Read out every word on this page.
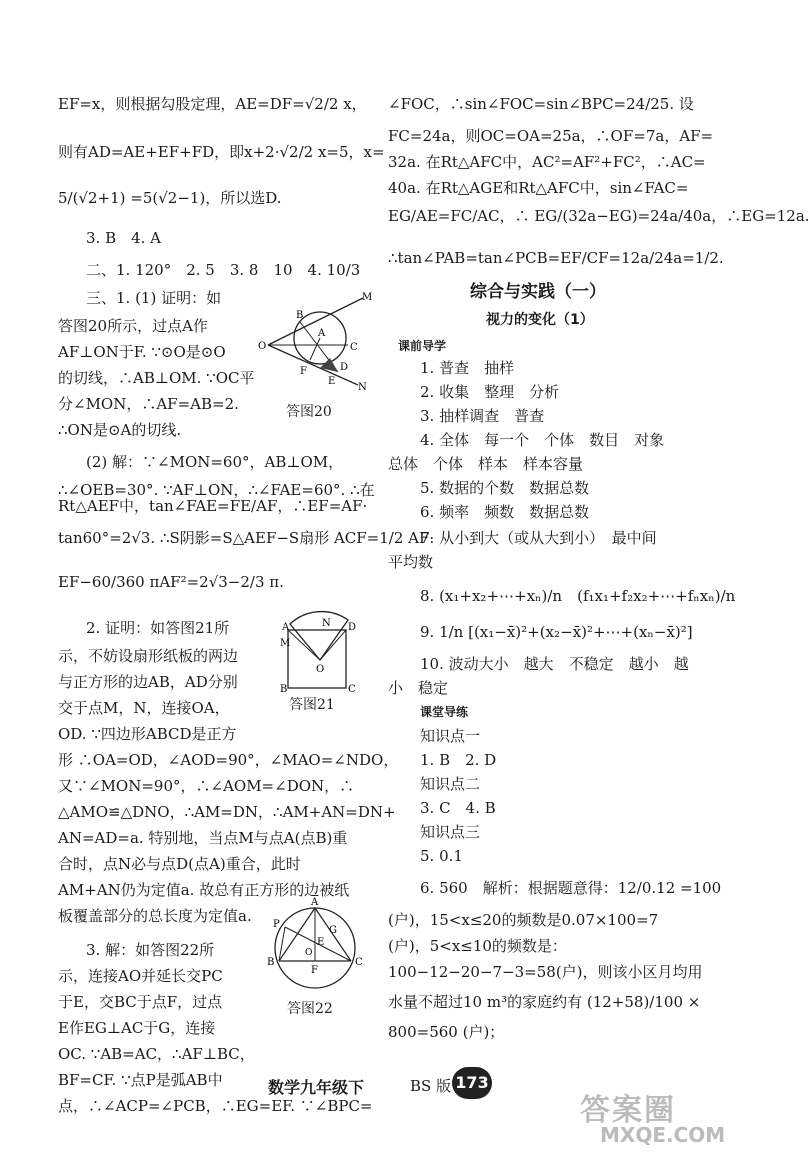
EF=x，则根据勾股定理，AE=DF=√2/2 x，
则有AD=AE+EF+FD，即x+2·√2/2 x=5，x=
5/(√2+1) =5(√2−1)，所以选D.
3. B　4. A
二、1. 120°　2. 5　3. 8　10　4. 10/3
三、1. (1) 证明：如
答图20所示，过点A作
AF⊥ON于F. ∵⊙O是⊙O
的切线，∴AB⊥OM. ∵OC平
分∠MON，∴AF=AB=2.
∴ON是⊙A的切线.
(2) 解：∵∠MON=60°，AB⊥OM，
∴∠OEB=30°. ∵AF⊥ON，∴∠FAE=60°. ∴在
Rt△AEF中，tan∠FAE=FE/AF，∴EF=AF·
tan60°=2√3. ∴S阴影=S△AEF−S扇形 ACF=1/2 AF·
EF−60/360 πAF²=2√3−2/3 π.
2. 证明：如答图21所
示，不妨设扇形纸板的两边
与正方形的边AB，AD分别
交于点M，N，连接OA，
OD. ∵四边形ABCD是正方
形 ∴OA=OD，∠AOD=90°，∠MAO=∠NDO，
又∵∠MON=90°，∴∠AOM=∠DON，∴
△AMO≌△DNO，∴AM=DN，∴AM+AN=DN+
AN=AD=a. 特别地，当点M与点A(点B)重
合时，点N必与点D(点A)重合，此时
AM+AN仍为定值a. 故总有正方形的边被纸
板覆盖部分的总长度为定值a.
3. 解：如答图22所
示，连接AO并延长交PC
于E，交BC于点F，过点
E作EG⊥AC于G，连接
OC. ∵AB=AC，∴AF⊥BC，
BF=CF. ∵点P是弧AB中
点，∴∠ACP=∠PCB，∴EG=EF. ∵∠BPC=
O
B
A
C
M
F	D
E
N
答图20
A	N D
M
O
B	C
答图21
A
P
G
E
B
F
C
O
答图22
∠FOC，∴sin∠FOC=sin∠BPC=24/25. 设
FC=24a，则OC=OA=25a，∴OF=7a，AF=
32a. 在Rt△AFC中，AC²=AF²+FC²，∴AC=
40a. 在Rt△AGE和Rt△AFC中，sin∠FAC=
EG/AE=FC/AC，∴ EG/(32a−EG)=24a/40a，∴EG=12a.
∴tan∠PAB=tan∠PCB=EF/CF=12a/24a=1/2.
综合与实践（一）
视力的变化（1）
课前导学
1. 普查　抽样
2. 收集　整理　分析
3. 抽样调查　普查
4. 全体　每一个　个体　数目　对象
总体　个体　样本　样本容量
5. 数据的个数　数据总数
6. 频率　频数　数据总数
7. 从小到大（或从大到小）　最中间
平均数
8. (x₁+x₂+⋯+xₙ)/n　(f₁x₁+f₂x₂+⋯+fₙxₙ)/n
9. 1/n [(x₁−x̄)²+(x₂−x̄)²+⋯+(xₙ−x̄)²]
10. 波动大小　越大　不稳定　越小　越
小　稳定
课堂导练
知识点一
1. B　2. D
知识点二
3. C　4. B
知识点三
5. 0.1
6. 560　解析：根据题意得：12/0.12 =100
(户)，15<x≤20的频数是0.07×100=7
(户)，5<x≤10的频数是：
100−12−20−7−3=58(户)，则该小区月均用
水量不超过10 m³的家庭约有 (12+58)/100 ×
800=560 (户)；
数学九年级下	BS 版 173
答案圈
MXQE.COM
